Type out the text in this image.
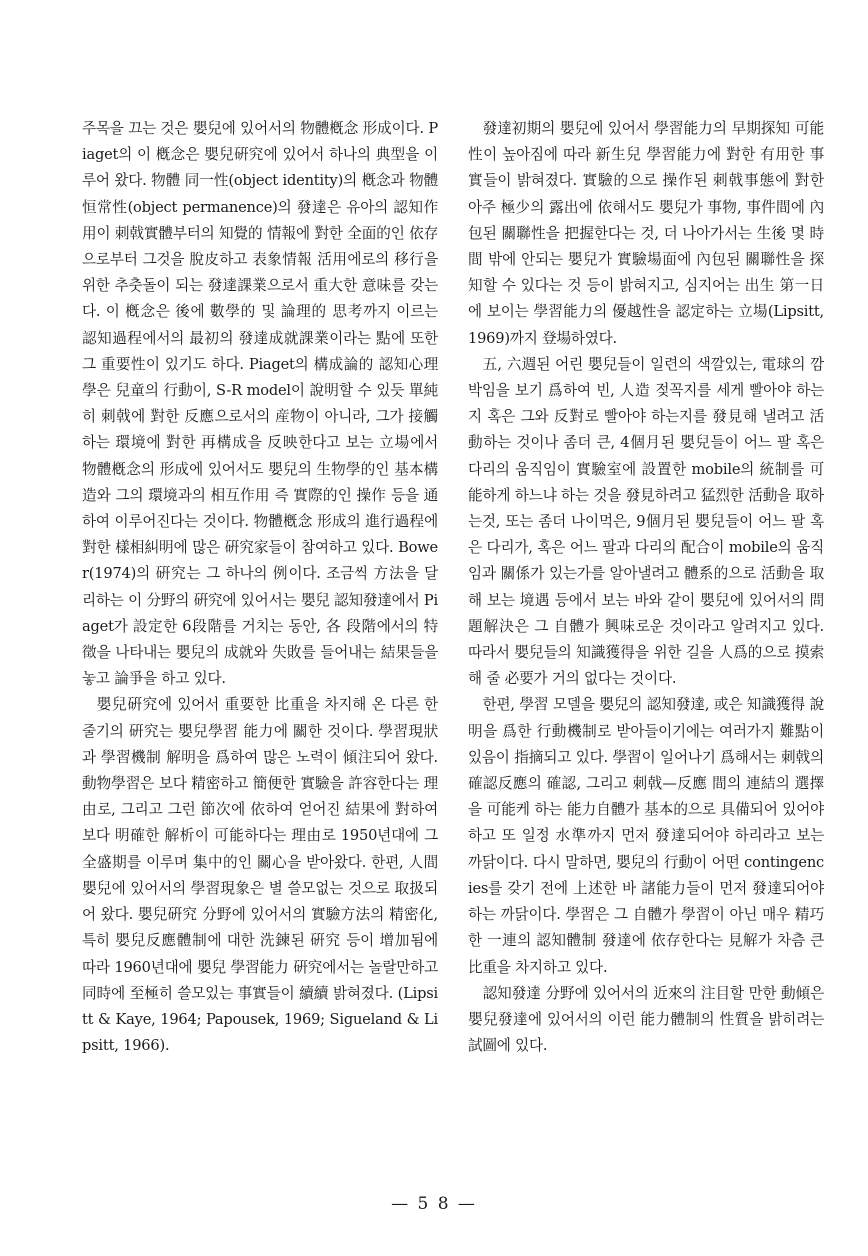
주목을 끄는 것은 嬰兒에 있어서의 物體槪念 形成이다. Piaget의 이 槪念은 嬰兒硏究에 있어서 하나의 典型을 이루어 왔다. 物體 同一性(object identity)의 槪念과 物體 恒常性(object permanence)의 發達은 유아의 認知作用이 刺戟實體부터의 知覺的 情報에 對한 全面的인 依存으로부터 그것을 脫皮하고 表象情報 活用에로의 移行을 위한 추춧돌이 되는 發達課業으로서 重大한 意味를 갖는다. 이 槪念은 後에 數學的 및 論理的 思考까지 이르는 認知過程에서의 最初의 發達成就課業이라는 點에 또한 그 重要性이 있기도 하다. Piaget의 構成論的 認知心理學은 兒童의 行動이, S-R model이 說明할 수 있듯 單純히 刺戟에 對한 反應으로서의 産物이 아니라, 그가 接觸하는 環境에 對한 再構成을 反映한다고 보는 立場에서 物體槪念의 形成에 있어서도 嬰兒의 生物學的인 基本構造와 그의 環境과의 相互作用 즉 實際的인 操作 등을 通하여 이루어진다는 것이다. 物體槪念 形成의 進行過程에 對한 樣相糾明에 많은 硏究家들이 참여하고 있다. Bower(1974)의 硏究는 그 하나의 例이다. 조금씩 方法을 달리하는 이 分野의 硏究에 있어서는 嬰兒 認知發達에서 Piaget가 設定한 6段階를 거치는 동안, 各 段階에서의 特徵을 나타내는 嬰兒의 成就와 失敗를 들어내는 結果들을 놓고 論爭을 하고 있다.

嬰兒硏究에 있어서 重要한 比重을 차지해 온 다른 한 줄기의 硏究는 嬰兒學習 能力에 關한 것이다. 學習現狀과 學習機制 解明을 爲하여 많은 노력이 傾注되어 왔다. 動物學習은 보다 精密하고 簡便한 實驗을 許容한다는 理由로, 그리고 그런 節次에 依하여 얻어진 結果에 對하여 보다 明確한 解析이 可能하다는 理由로 1950년대에 그 全盛期를 이루며 集中的인 關心을 받아왔다. 한편, 人間嬰兒에 있어서의 學習現象은 별 쓸모없는 것으로 取扱되어 왔다. 嬰兒硏究 分野에 있어서의 實驗方法의 精密化, 특히 嬰兒反應體制에 대한 洗鍊된 硏究 등이 增加됨에 따라 1960년대에 嬰兒 學習能力 硏究에서는 놀랄만하고 同時에 至極히 쓸모있는 事實들이 續續 밝혀졌다. (Lipsitt & Kaye, 1964; Papousek, 1969; Sigueland & Lipsitt, 1966).

發達初期의 嬰兒에 있어서 學習能力의 早期探知 可能性이 높아짐에 따라 新生兒 學習能力에 對한 有用한 事實들이 밝혀졌다. 實驗的으로 操作된 刺戟事態에 對한 아주 極少의 露出에 依해서도 嬰兒가 事物, 事件間에 內包된 關聯性을 把握한다는 것, 더 나아가서는 生後 몇 時間 밖에 안되는 嬰兒가 實驗場面에 內包된 關聯性을 探知할 수 있다는 것 등이 밝혀지고, 심지어는 出生 第一日에 보이는 學習能力의 優越性을 認定하는 立場(Lipsitt, 1969)까지 登場하였다.

五, 六週된 어린 嬰兒들이 일련의 색깔있는, 電球의 깜박임을 보기 爲하여 빈, 人造 젖꼭지를 세게 빨아야 하는지 혹은 그와 反對로 빨아야 하는지를 發見해 낼려고 活動하는 것이나 좀더 큰, 4個月된 嬰兒들이 어느 팔 혹은 다리의 움직임이 實驗室에 設置한 mobile의 統制를 可能하게 하느냐 하는 것을 發見하려고 猛烈한 活動을 取하는것, 또는 좀더 나이먹은, 9個月된 嬰兒들이 어느 팔 혹은 다리가, 혹은 어느 팔과 다리의 配合이 mobile의 움직임과 關係가 있는가를 알아낼려고 體系的으로 活動을 取해 보는 境遇 등에서 보는 바와 같이 嬰兒에 있어서의 問題解決은 그 自體가 興味로운 것이라고 알려지고 있다. 따라서 嬰兒들의 知識獲得을 위한 길을 人爲的으로 摸索해 줄 必要가 거의 없다는 것이다.

한편, 學習 모델을 嬰兒의 認知發達, 或은 知識獲得 說明을 爲한 行動機制로 받아들이기에는 여러가지 難點이 있음이 指摘되고 있다. 學習이 일어나기 爲해서는 刺戟의 確認反應의 確認, 그리고 刺戟—反應 間의 連結의 選擇을 可能케 하는 能力自體가 基本的으로 具備되어 있어야 하고 또 일정 水準까지 먼저 發達되어야 하리라고 보는 까닭이다. 다시 말하면, 嬰兒의 行動이 어떤 contingencies를 갖기 전에 上述한 바 諸能力들이 먼저 發達되어야 하는 까닭이다. 學習은 그 自體가 學習이 아닌 매우 精巧한 一連의 認知體制 發達에 依存한다는 見解가 차츰 큰 比重을 차지하고 있다.

認知發達 分野에 있어서의 近來의 注目할 만한 動傾은 嬰兒發達에 있어서의 이런 能力體制의 性質을 밝히려는 試圖에 있다.

— 5 8 —
